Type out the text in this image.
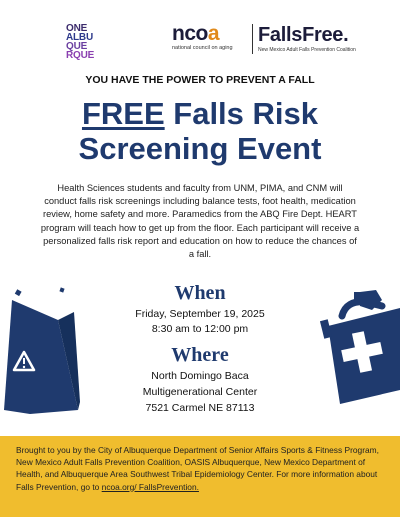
ONE
ALBU
QUE
RQUE
ncoa
national council on aging
FallsFree.
New Mexico Adult Falls Prevention Coalition
YOU HAVE THE POWER TO PREVENT A FALL
FREE Falls Risk
Screening Event
Health Sciences students and faculty from UNM, PIMA, and CNM will conduct falls risk screenings including balance tests, foot health, medication review, home safety and more. Paramedics from the ABQ Fire Dept. HEART program will teach how to get up from the floor. Each participant will receive a personalized falls risk report and education on how to reduce the chances of a fall.
When
Friday, September 19, 2025
8:30 am to 12:00 pm
Where
North Domingo Baca
Multigenerational Center
7521 Carmel NE 87113
Brought to you by the City of Albuquerque Department of Senior Affairs Sports & Fitness Program, New Mexico Adult Falls Prevention Coalition, OASIS Albuquerque, New Mexico Department of Health, and Albuquerque Area Southwest Tribal Epidemiology Center. For more information about Falls Prevention, go to ncoa.org/ FallsPrevention.
